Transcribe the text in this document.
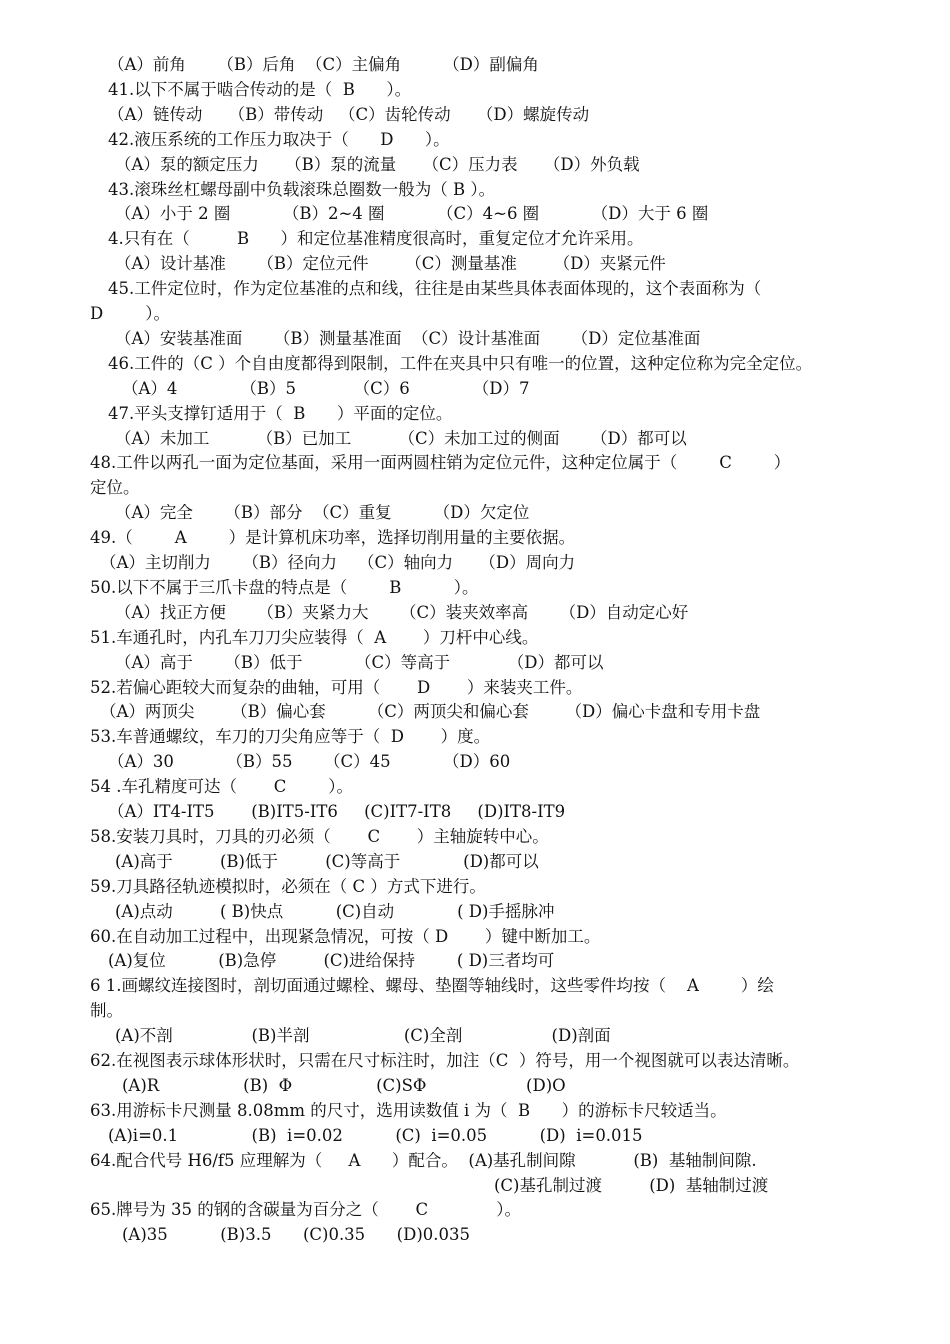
（A）前角      （B）后角  （C）主偏角        （D）副偏角
41.以下不属于啮合传动的是（  B      ）。
（A）链传动     （B）带传动   （C）齿轮传动     （D）螺旋传动
42.液压系统的工作压力取决于（      D      ）。
（A）泵的额定压力     （B）泵的流量     （C）压力表     （D）外负载
43.滚珠丝杠螺母副中负载滚珠总圈数一般为（ B ）。
（A）小于 2 圈          （B）2~4 圈          （C）4~6 圈          （D）大于 6 圈
4.只有在（         B      ）和定位基准精度很高时，重复定位才允许采用。
（A）设计基准      （B）定位元件       （C）测量基准       （D）夹紧元件
45.工件定位时，作为定位基准的点和线，往往是由某些具体表面体现的，这个表面称为（
D        ）。
（A）安装基准面      （B）测量基准面  （C）设计基准面      （D）定位基准面
46.工件的（C ）个自由度都得到限制，工件在夹具中只有唯一的位置，这种定位称为完全定位。
（A）4            （B）5           （C）6            （D）7
47.平头支撑钉适用于（  B      ）平面的定位。
（A）未加工         （B）已加工         （C）未加工过的侧面      （D）都可以
48.工件以两孔一面为定位基面，采用一面两圆柱销为定位元件，这种定位属于（        C        ）
定位。
（A）完全      （B）部分  （C）重复        （D）欠定位
49.（        A        ）是计算机床功率，选择切削用量的主要依据。
（A）主切削力      （B）径向力    （C）轴向力     （D）周向力
50.以下不属于三爪卡盘的特点是（        B          ）。
（A）找正方便      （B）夹紧力大      （C）装夹效率高      （D）自动定心好
51.车通孔时，内孔车刀刀尖应装得（  A       ）刀杆中心线。
（A）高于      （B）低于          （C）等高于           （D）都可以
52.若偏心距较大而复杂的曲轴，可用（       D       ）来装夹工件。
（A）两顶尖       （B）偏心套        （C）两顶尖和偏心套       （D）偏心卡盘和专用卡盘
53.车普通螺纹，车刀的刀尖角应等于（  D       ）度。
（A）30          （B）55      （C）45          （D）60
54 .车孔精度可达（       C        ）。
（A）IT4-IT5       (B)IT5-IT6     (C)IT7-IT8     (D)IT8-IT9
58.安装刀具时，刀具的刃必须（       C       ）主轴旋转中心。
(A)高于         (B)低于         (C)等高于            (D)都可以
59.刀具路径轨迹模拟时，必须在（ C ）方式下进行。
(A)点动         ( B)快点          (C)自动            ( D)手摇脉冲
60.在自动加工过程中，出现紧急情况，可按（ D       ）键中断加工。
(A)复位          (B)急停         (C)进给保持        ( D)三者均可
6 1.画螺纹连接图时，剖切面通过螺栓、螺母、垫圈等轴线时，这些零件均按（    A        ）绘
制。
(A)不剖               (B)半剖                  (C)全剖                 (D)剖面
62.在视图表示球体形状时，只需在尺寸标注时，加注（C  ）符号，用一个视图就可以表达清晰。
(A)R                (B)  Φ                (C)SΦ                   (D)O
63.用游标卡尺测量 8.08mm 的尺寸，选用读数值 i 为（  B      ）的游标卡尺较适当。
(A)i=0.1              (B)  i=0.02          (C)  i=0.05          (D)  i=0.015
64.配合代号 H6/f5 应理解为（     A      ）配合。  (A)基孔制间隙           (B)  基轴制间隙.
(C)基孔制过渡         (D)  基轴制过渡
65.牌号为 35 的钢的含碳量为百分之（       C             ）。
(A)35          (B)3.5      (C)0.35      (D)0.035
